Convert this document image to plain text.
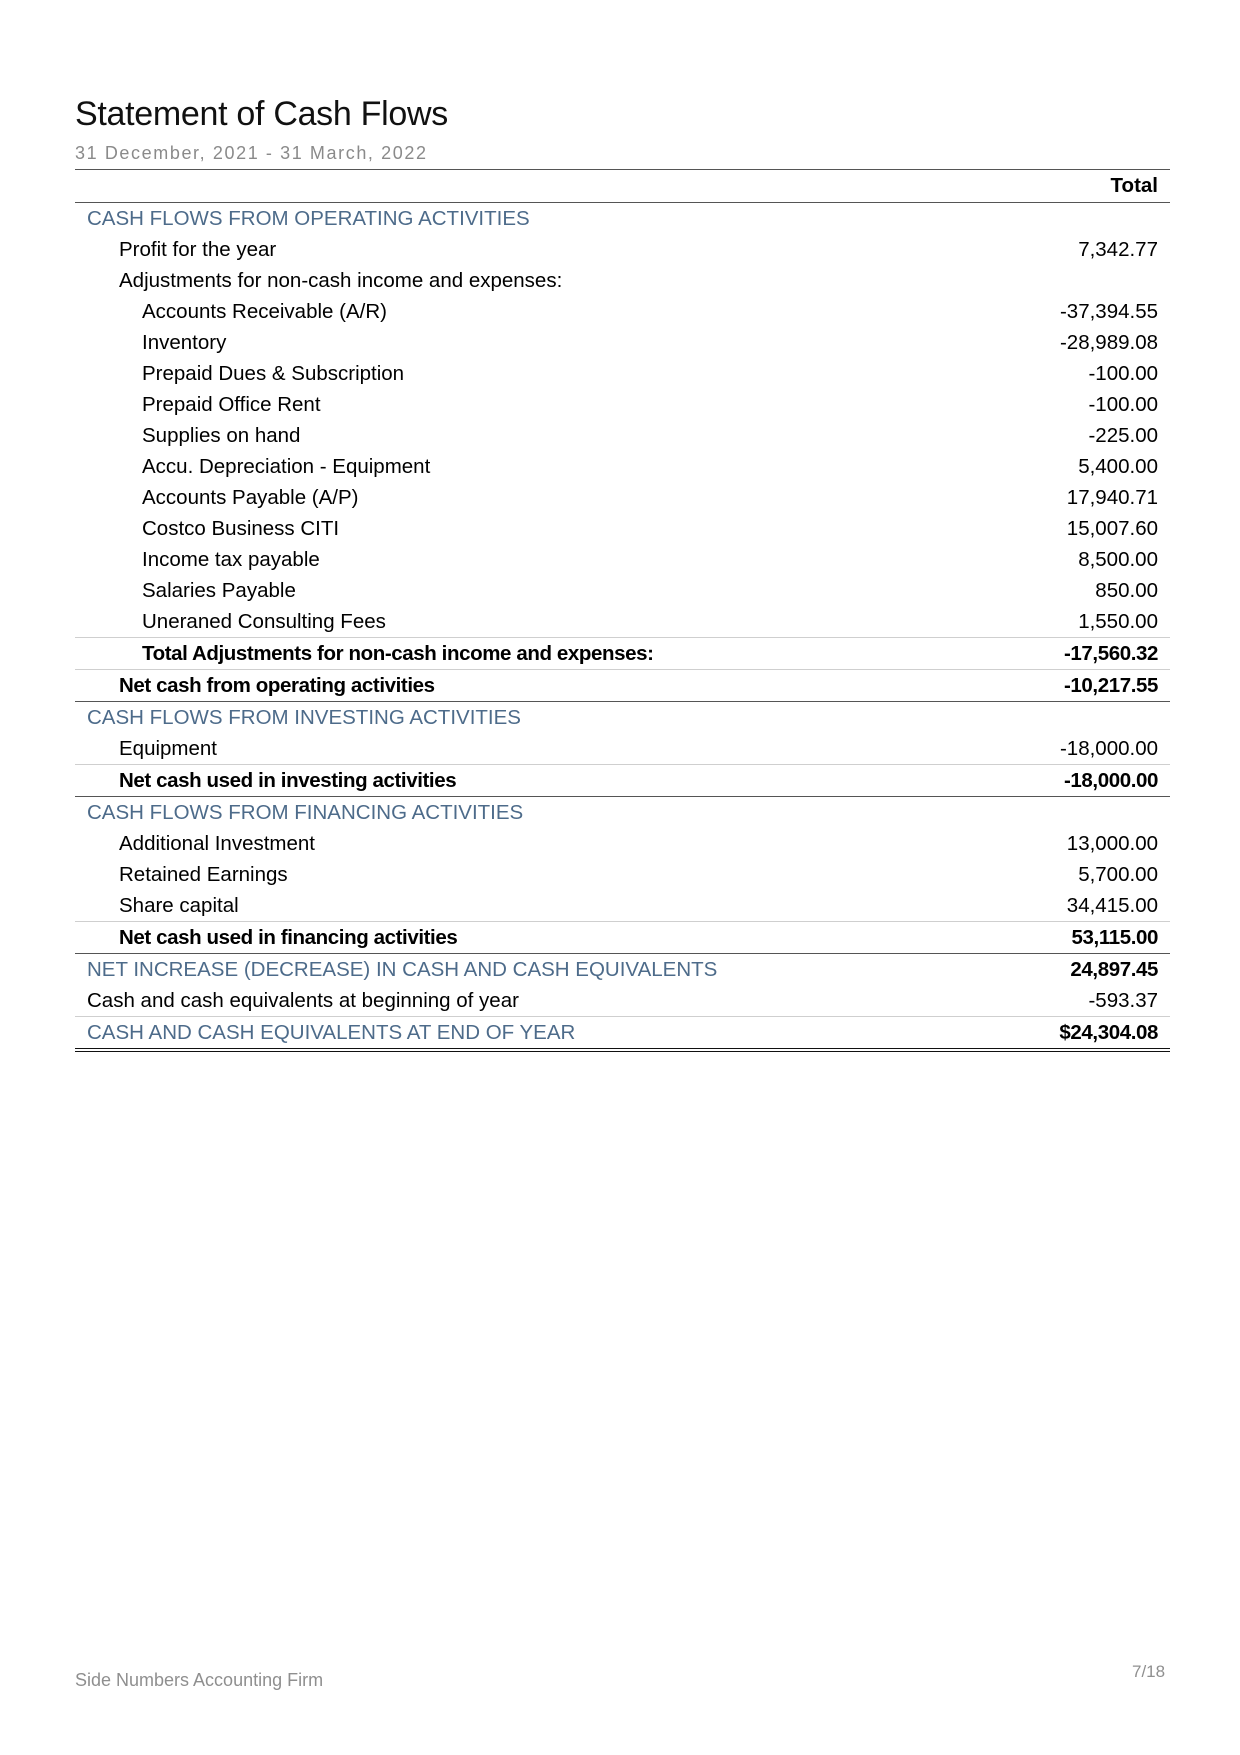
Statement of Cash Flows
31 December, 2021 - 31 March, 2022
	Total
CASH FLOWS FROM OPERATING ACTIVITIES	
Profit for the year	7,342.77
Adjustments for non-cash income and expenses:	
Accounts Receivable (A/R)	-37,394.55
Inventory	-28,989.08
Prepaid Dues & Subscription	-100.00
Prepaid Office Rent	-100.00
Supplies on hand	-225.00
Accu. Depreciation - Equipment	5,400.00
Accounts Payable (A/P)	17,940.71
Costco Business CITI	15,007.60
Income tax payable	8,500.00
Salaries Payable	850.00
Uneraned Consulting Fees	1,550.00
Total Adjustments for non-cash income and expenses:	-17,560.32
Net cash from operating activities	-10,217.55
CASH FLOWS FROM INVESTING ACTIVITIES	
Equipment	-18,000.00
Net cash used in investing activities	-18,000.00
CASH FLOWS FROM FINANCING ACTIVITIES	
Additional Investment	13,000.00
Retained Earnings	5,700.00
Share capital	34,415.00
Net cash used in financing activities	53,115.00
NET INCREASE (DECREASE) IN CASH AND CASH EQUIVALENTS	24,897.45
Cash and cash equivalents at beginning of year	-593.37
CASH AND CASH EQUIVALENTS AT END OF YEAR	$24,304.08
Side Numbers Accounting Firm	7/18
